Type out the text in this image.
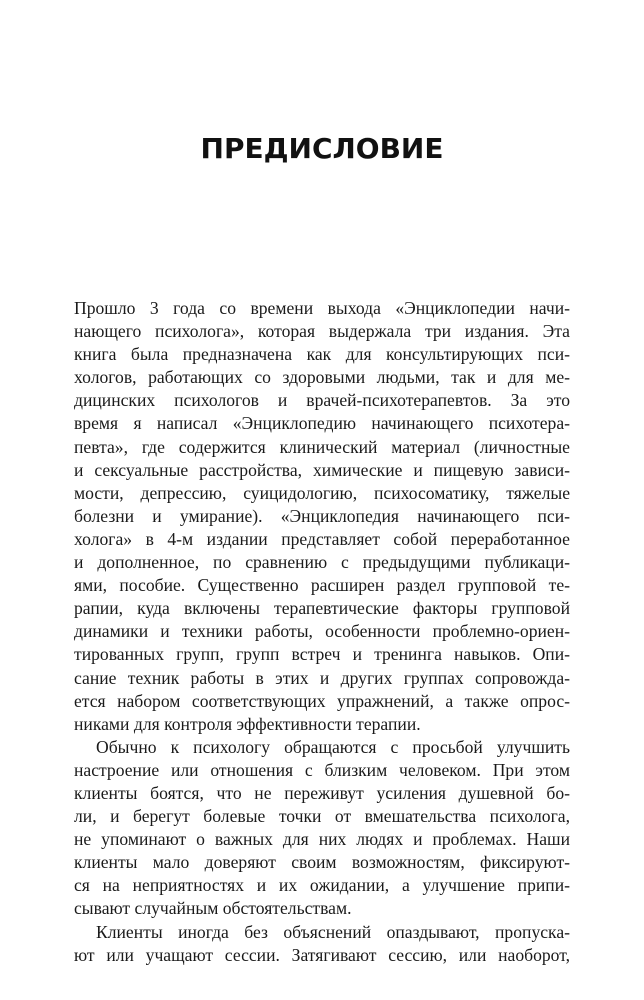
ПРЕДИСЛОВИЕ
Прошло 3 года со времени выхода «Энциклопедии начи-
нающего психолога», которая выдержала три издания. Эта
книга была предназначена как для консультирующих пси-
хологов, работающих со здоровыми людьми, так и для ме-
дицинских психологов и врачей-психотерапевтов. За это
время я написал «Энциклопедию начинающего психотера-
певта», где содержится клинический материал (личностные
и сексуальные расстройства, химические и пищевую зависи-
мости, депрессию, суицидологию, психосоматику, тяжелые
болезни и умирание). «Энциклопедия начинающего пси-
холога» в 4-м издании представляет собой переработанное
и дополненное, по сравнению с предыдущими публикаци-
ями, пособие. Существенно расширен раздел групповой те-
рапии, куда включены терапевтические факторы групповой
динамики и техники работы, особенности проблемно-ориен-
тированных групп, групп встреч и тренинга навыков. Опи-
сание техник работы в этих и других группах сопровожда-
ется набором соответствующих упражнений, а также опрос-
никами для контроля эффективности терапии.
Обычно к психологу обращаются с просьбой улучшить
настроение или отношения с близким человеком. При этом
клиенты боятся, что не переживут усиления душевной бо-
ли, и берегут болевые точки от вмешательства психолога,
не упоминают о важных для них людях и проблемах. Наши
клиенты мало доверяют своим возможностям, фиксируют-
ся на неприятностях и их ожидании, а улучшение припи-
сывают случайным обстоятельствам.
Клиенты иногда без объяснений опаздывают, пропуска-
ют или учащают сессии. Затягивают сессию, или наоборот,
